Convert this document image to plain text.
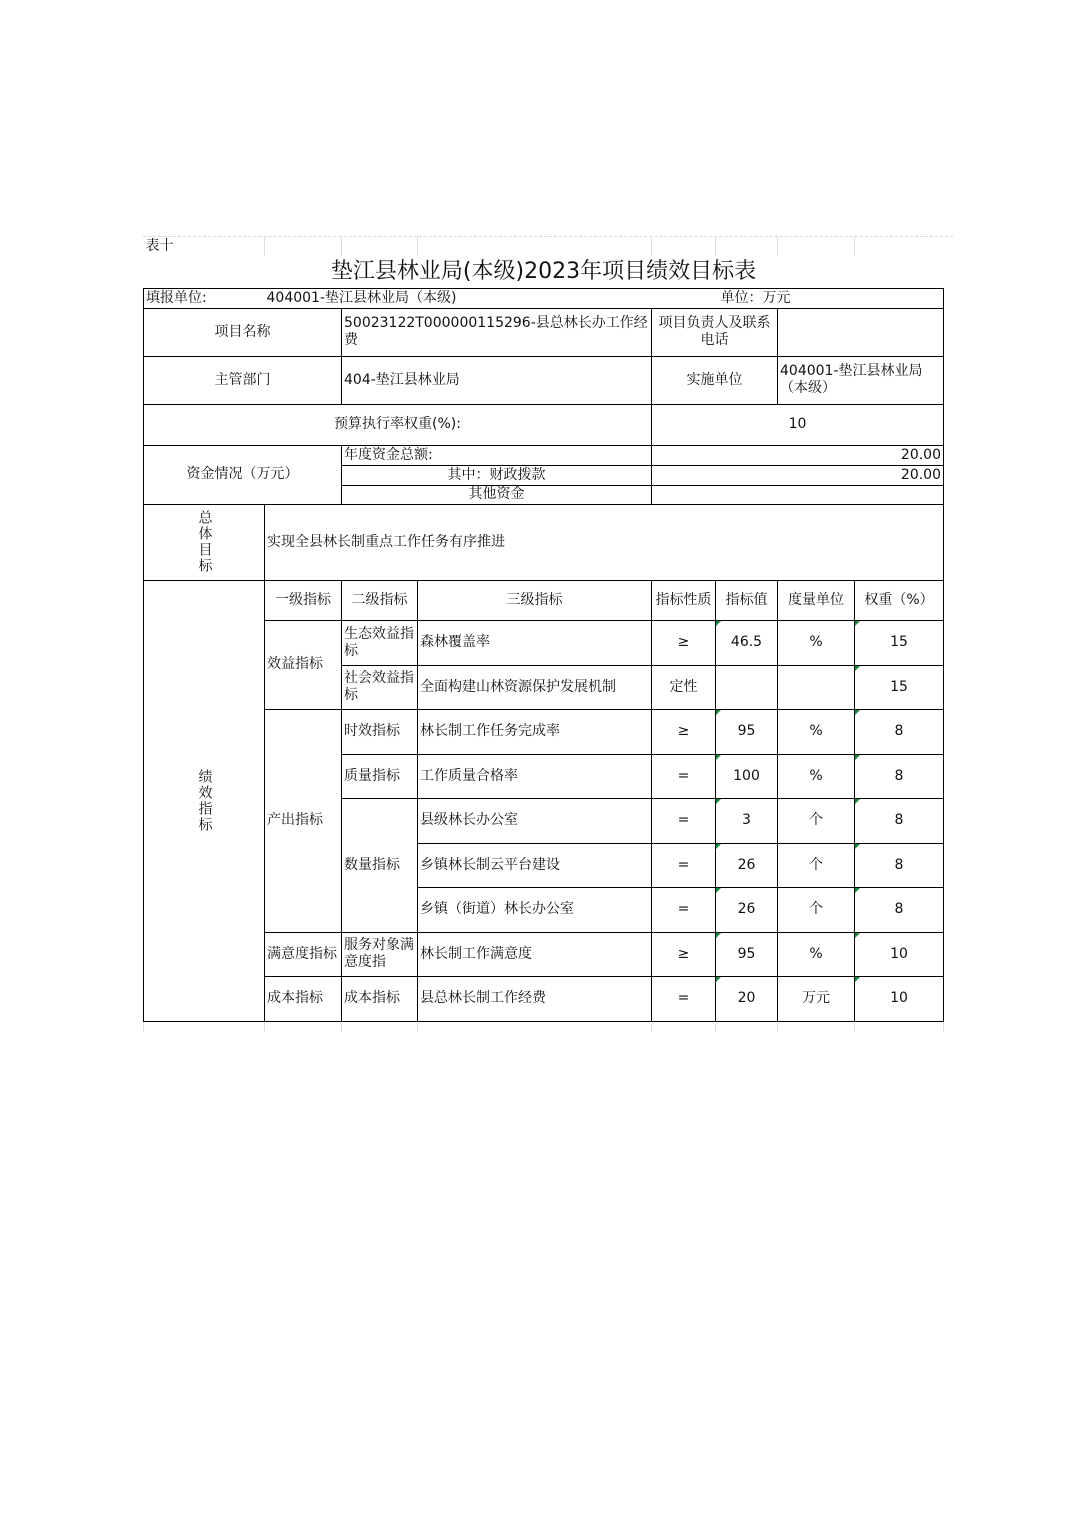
表十							
垫江县林业局(本级)2023年项目绩效目标表							
填报单位:	404001-垫江县林业局（本级)				单位：万元		
项目名称		50023122T000000115296-县总林长办工作经费		项目负责人及联系电话			
主管部门		404-垫江县林业局		实施单位		404001-垫江县林业局（本级）	
预算执行率权重(%):				10			
资金情况（万元）		年度资金总额:		20.00			
		其中：财政拨款		20.00			
		其他资金					

总体目标	实现全县林长制重点工作任务有序推进						

绩效指标	一级指标	二级指标	三级指标	指标性质	指标值	度量单位	权重（%）
	效益指标	生态效益指标	森林覆盖率	≥	46.5	%	15
		社会效益指标	全面构建山林资源保护发展机制	定性			15
	产出指标	时效指标	林长制工作任务完成率	≥	95	%	8
		质量指标	工作质量合格率	=	100	%	8
		数量指标	县级林长办公室	=	3	个	8
			乡镇林长制云平台建设	=	26	个	8
			乡镇（街道）林长办公室	=	26	个	8
	满意度指标	服务对象满意度指	林长制工作满意度	≥	95	%	10
	成本指标	成本指标	县总林长制工作经费	=	20	万元	10
